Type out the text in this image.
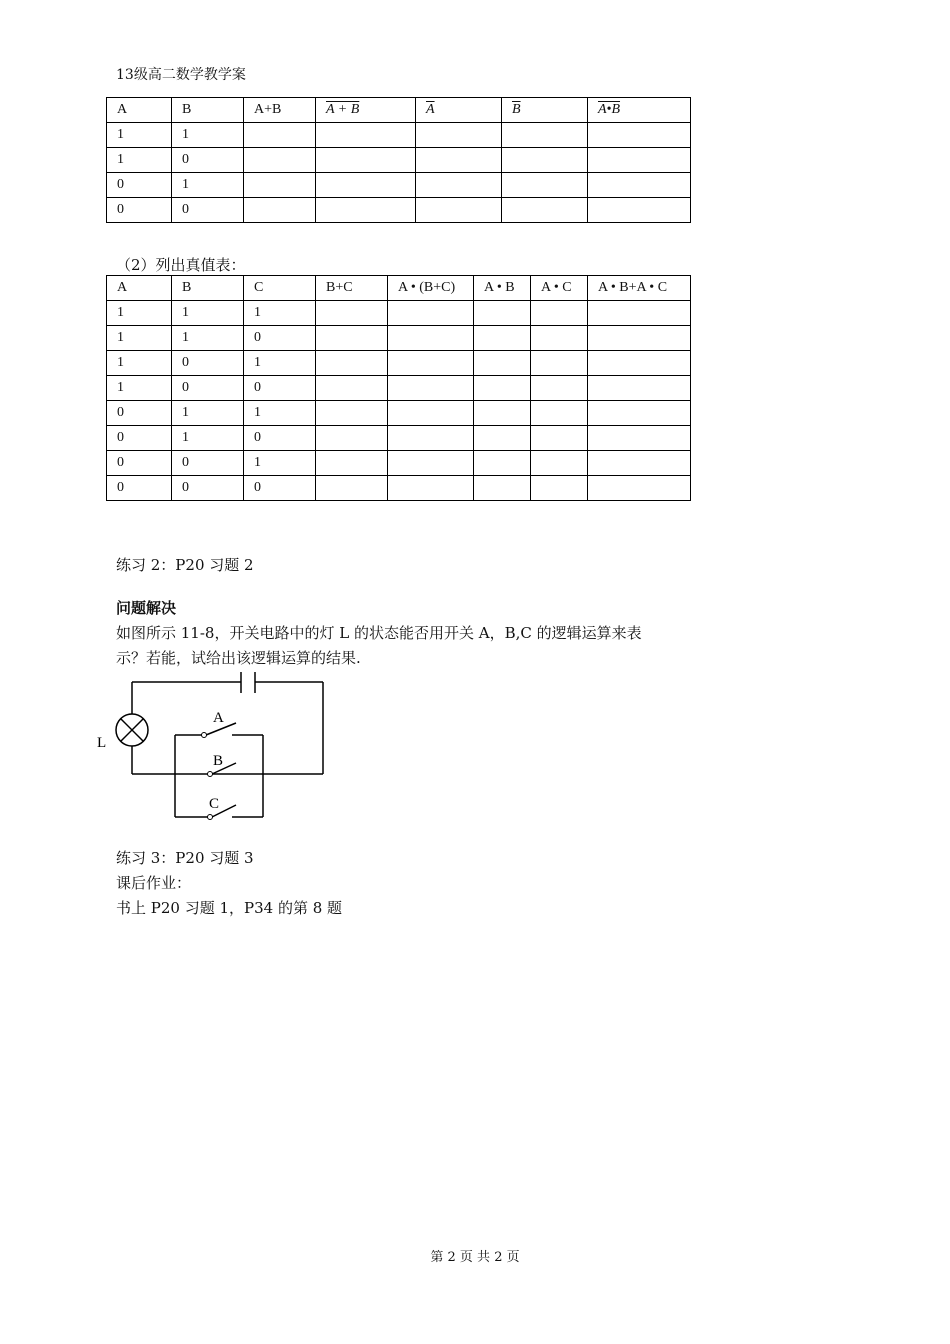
13级高二数学教学案
A	B	A+B	A + B	$\overline{A}$	$\overline{B}$	A•B
1	1					
1	0					
0	1					
0	0					
（2）列出真值表：
A	B	C	B+C	A • (B+C)	A • B	A • C	A • B+A • C
1	1	1					
1	1	0					
1	0	1					
1	0	0					
0	1	1					
0	1	0					
0	0	1					
0	0	0					
练习 2：P20 习题 2
问题解决
如图所示 11-8，开关电路中的灯 L 的状态能否用开关 A，B,C 的逻辑运算来表
示？若能，试给出该逻辑运算的结果.
L
A
B
C
练习 3：P20 习题 3
课后作业：
书上 P20 习题 1，P34 的第 8 题
第 2 页 共 2 页
